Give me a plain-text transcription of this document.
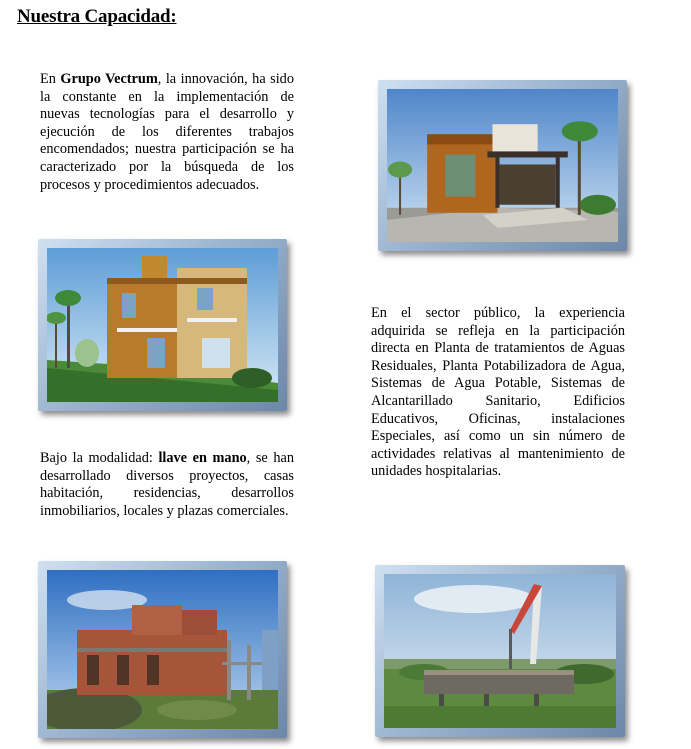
Nuestra Capacidad:

En Grupo Vectrum, la innovación, ha sido la constante en la implementación de nuevas tecnologías para el desarrollo y ejecución de los diferentes trabajos encomendados; nuestra participación se ha caracterizado por la búsqueda de los procesos y procedimientos adecuados.

En el sector público, la experiencia adquirida se refleja en la participación directa en Planta de tratamientos de Aguas Residuales, Planta Potabilizadora de Agua, Sistemas de Agua Potable, Sistemas de Alcantarillado Sanitario, Edificios Educativos, Oficinas, instalaciones Especiales, así como un sin número de actividades relativas al mantenimiento de unidades hospitalarias.

Bajo la modalidad: llave en mano, se han desarrollado diversos proyectos, casas habitación, residencias, desarrollos inmobiliarios, locales y plazas comerciales.
